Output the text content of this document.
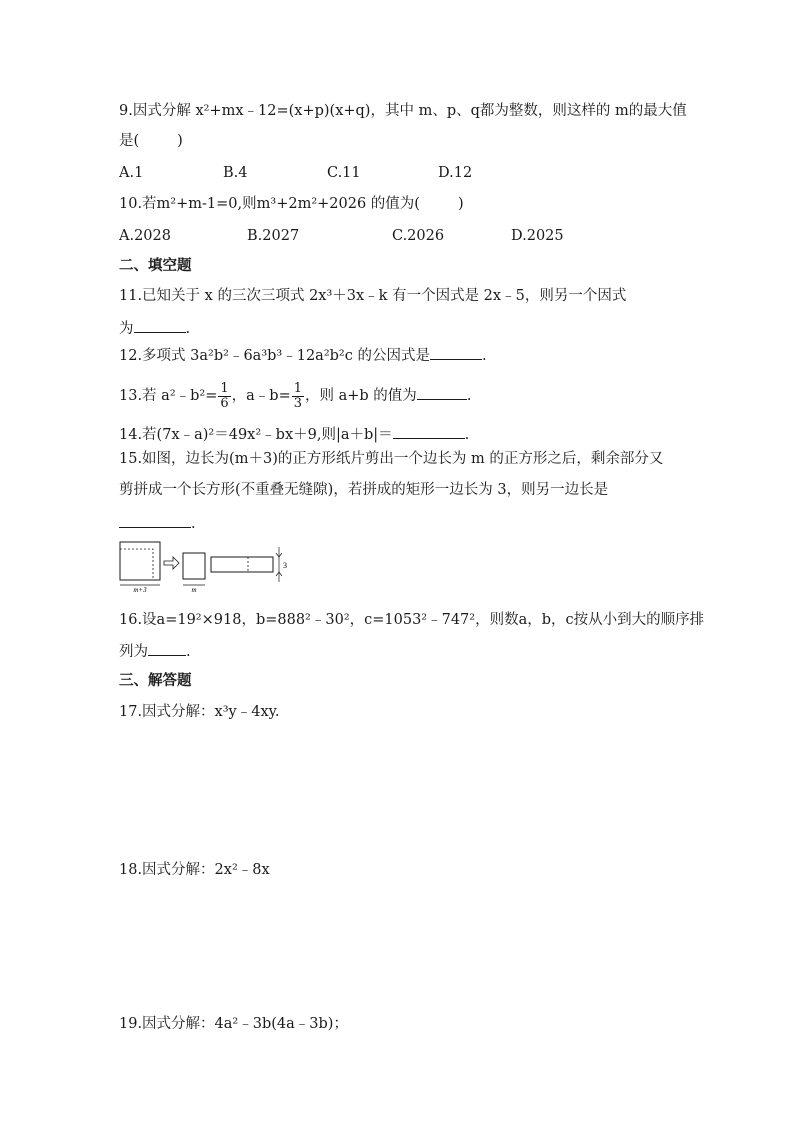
9.因式分解 x²+mx﹣12=(x+p)(x+q)，其中 m、p、q都为整数，则这样的 m的最大值
是(	)
A.1	B.4	C.11	D.12
10.若m²+m-1=0,则m³+2m²+2026 的值为(	)
A.2028	B.2027	C.2026	D.2025
二、填空题
11.已知关于 x 的三次三项式 2x³＋3x﹣k 有一个因式是 2x﹣5，则另一个因式
为	.
12.多项式 3a²b²﹣6a³b³﹣12a²b²c 的公因式是	.
13.若 a²﹣b²= $\frac{1}{6}$ ，a﹣b= $\frac{1}{3}$ ，则 a+b 的值为	.
14.若(7x﹣a)²＝49x²﹣bx＋9,则|a＋b|＝	.
15.如图，边长为(m＋3)的正方形纸片剪出一个边长为 m 的正方形之后，剩余部分又
剪拼成一个长方形(不重叠无缝隙)，若拼成的矩形一边长为 3，则另一边长是
.
m+3	m
3
16.设a=19²×918，b=888²﹣30²，c=1053²﹣747²，则数a，b，c按从小到大的顺序排
列为	.
三、解答题
17.因式分解：x³y﹣4xy.
18.因式分解：2x²﹣8x
19.因式分解：4a²﹣3b(4a﹣3b)；
